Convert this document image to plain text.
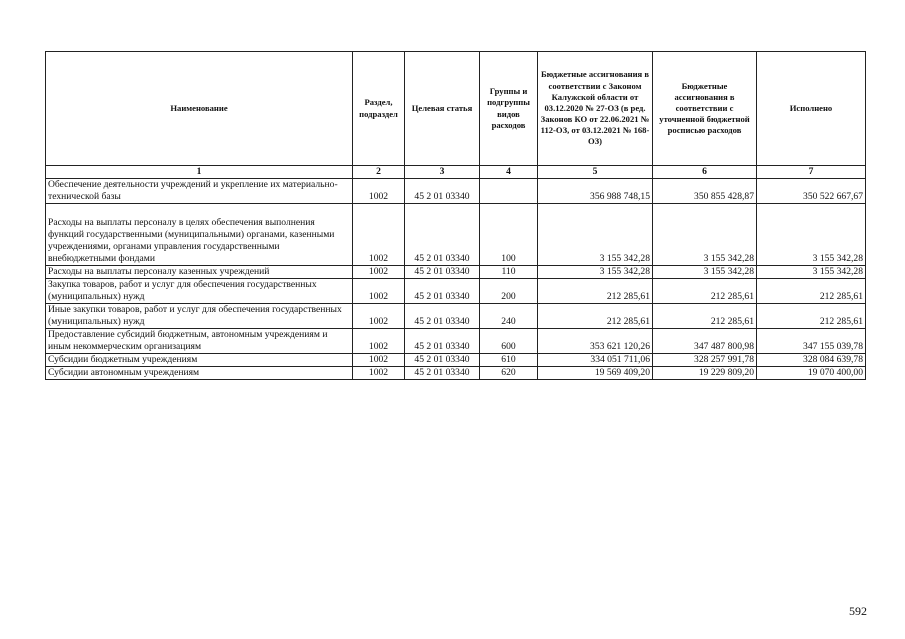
Наименование	Раздел, подраздел	Целевая статья	Группы и подгруппы видов расходов	Бюджетные ассигнования в соответствии с Законом Калужской области от 03.12.2020 № 27-ОЗ (в ред. Законов КО от 22.06.2021 № 112-ОЗ, от 03.12.2021 № 168-ОЗ)	Бюджетные ассигнования в соответствии с уточненной бюджетной росписью расходов	Исполнено
1	2	3	4	5	6	7
Обеспечение деятельности учреждений и укрепление их материально-технической базы	1002	45 2 01 03340		356 988 748,15	350 855 428,87	350 522 667,67
Расходы на выплаты персоналу в целях обеспечения выполнения функций государственными (муниципальными) органами, казенными учреждениями, органами управления государственными внебюджетными фондами	1002	45 2 01 03340	100	3 155 342,28	3 155 342,28	3 155 342,28
Расходы на выплаты персоналу казенных учреждений	1002	45 2 01 03340	110	3 155 342,28	3 155 342,28	3 155 342,28
Закупка товаров, работ и услуг для обеспечения государственных (муниципальных) нужд	1002	45 2 01 03340	200	212 285,61	212 285,61	212 285,61
Иные закупки товаров, работ и услуг для обеспечения государственных (муниципальных) нужд	1002	45 2 01 03340	240	212 285,61	212 285,61	212 285,61
Предоставление субсидий бюджетным, автономным учреждениям и иным некоммерческим организациям	1002	45 2 01 03340	600	353 621 120,26	347 487 800,98	347 155 039,78
Субсидии бюджетным учреждениям	1002	45 2 01 03340	610	334 051 711,06	328 257 991,78	328 084 639,78
Субсидии автономным учреждениям	1002	45 2 01 03340	620	19 569 409,20	19 229 809,20	19 070 400,00
592
